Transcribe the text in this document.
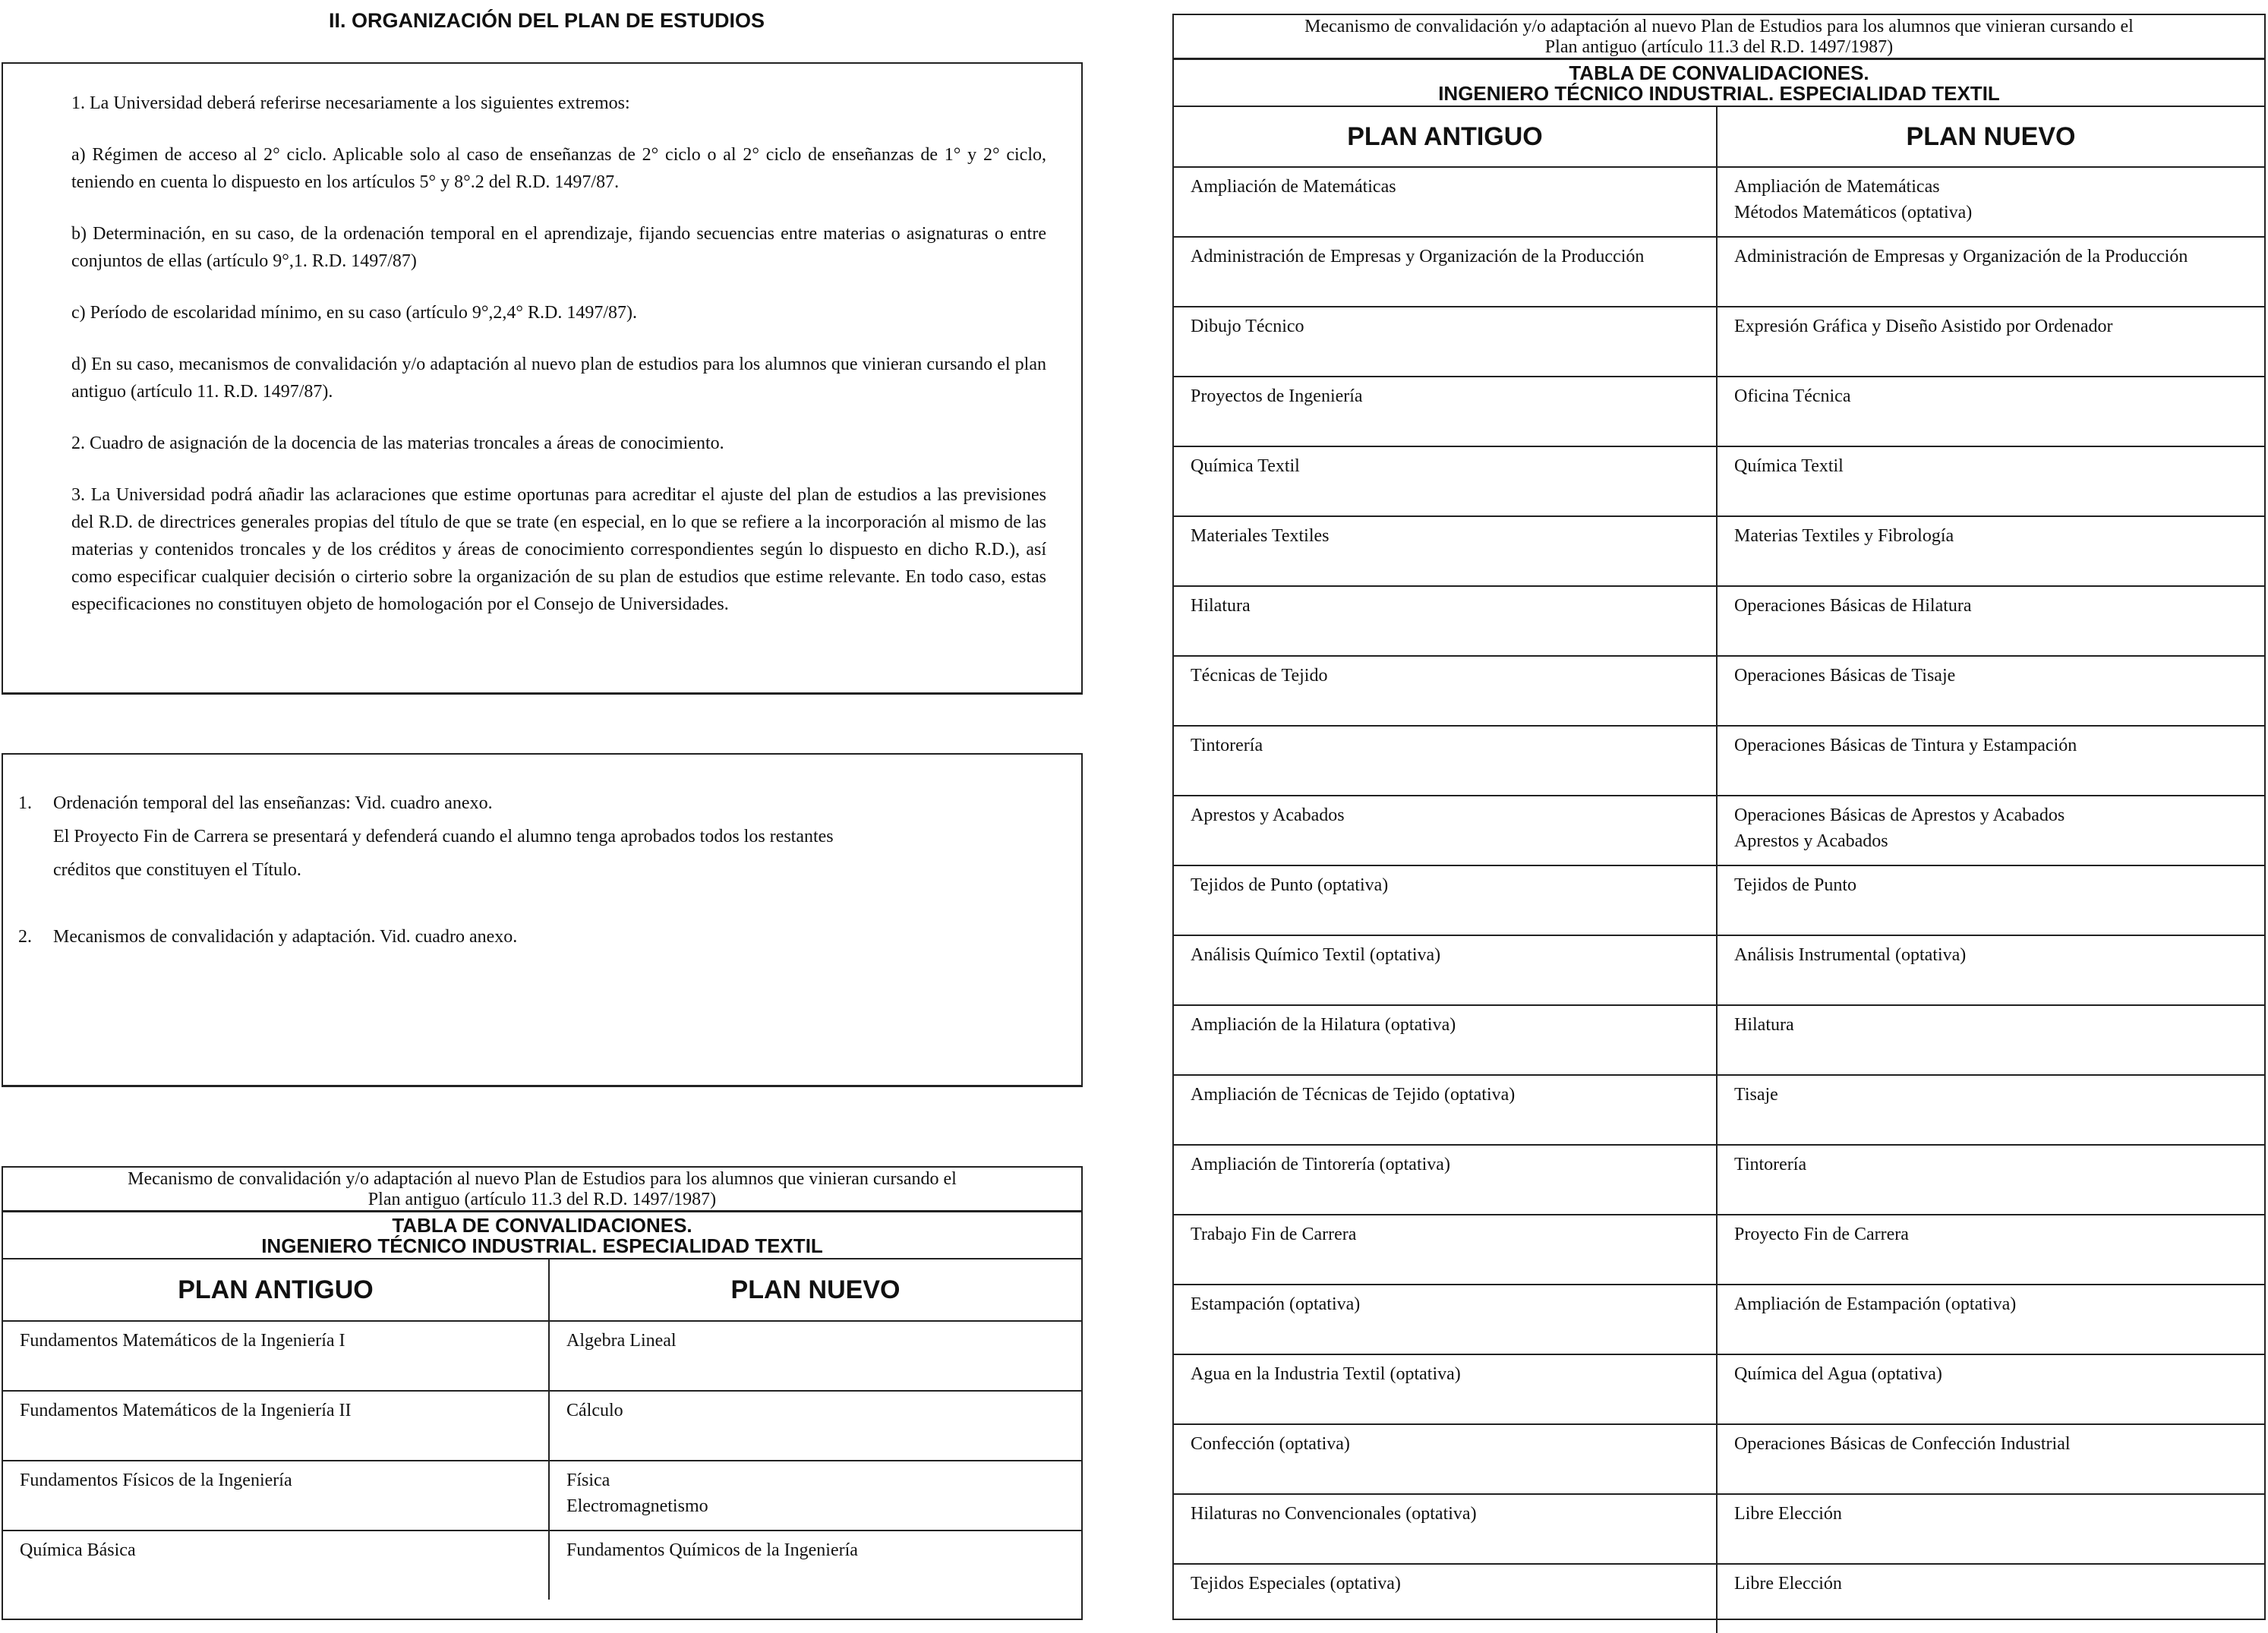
II. ORGANIZACIÓN DEL PLAN DE ESTUDIOS

1. La Universidad deberá referirse necesariamente a los siguientes extremos:

a) Régimen de acceso al 2° ciclo. Aplicable solo al caso de enseñanzas de 2° ciclo o al 2° ciclo de enseñanzas de 1° y 2° ciclo, teniendo en cuenta lo dispuesto en los artículos 5° y 8°.2 del R.D. 1497/87.

b) Determinación, en su caso, de la ordenación temporal en el aprendizaje, fijando secuencias entre materias o asignaturas o entre conjuntos de ellas (artículo 9°,1. R.D. 1497/87)

c) Período de escolaridad mínimo, en su caso (artículo 9°,2,4° R.D. 1497/87).

d) En su caso, mecanismos de convalidación y/o adaptación al nuevo plan de estudios para los alumnos que vinieran cursando el plan antiguo (artículo 11. R.D. 1497/87).

2. Cuadro de asignación de la docencia de las materias troncales a áreas de conocimiento.

3. La Universidad podrá añadir las aclaraciones que estime oportunas para acreditar el ajuste del plan de estudios a las previsiones del R.D. de directrices generales propias del título de que se trate (en especial, en lo que se refiere a la incorporación al mismo de las materias y contenidos troncales y de los créditos y áreas de conocimiento correspondientes según lo dispuesto en dicho R.D.), así como especificar cualquier decisión o cirterio sobre la organización de su plan de estudios que estime relevante. En todo caso, estas especificaciones no constituyen objeto de homologación por el Consejo de Universidades.

1.	Ordenación temporal del las enseñanzas: Vid. cuadro anexo.
El Proyecto Fin de Carrera se presentará y defenderá cuando el alumno tenga aprobados todos los restantes
créditos que constituyen el Título.
2.	Mecanismos de convalidación y adaptación. Vid. cuadro anexo.
Mecanismo de convalidación y/o adaptación al nuevo Plan de Estudios para los alumnos que vinieran cursando el
Plan antiguo (artículo 11.3 del R.D. 1497/1987)
TABLA DE CONVALIDACIONES.
INGENIERO TÉCNICO INDUSTRIAL. ESPECIALIDAD TEXTIL
PLAN ANTIGUO	PLAN NUEVO
Fundamentos Matemáticos de la Ingeniería I	Algebra Lineal
Fundamentos Matemáticos de la Ingeniería II	Cálculo
Fundamentos Físicos de la Ingeniería	Física
Electromagnetismo
Química Básica	Fundamentos Químicos de la Ingeniería
Mecanismo de convalidación y/o adaptación al nuevo Plan de Estudios para los alumnos que vinieran cursando el
Plan antiguo (artículo 11.3 del R.D. 1497/1987)
TABLA DE CONVALIDACIONES.
INGENIERO TÉCNICO INDUSTRIAL. ESPECIALIDAD TEXTIL
PLAN ANTIGUO	PLAN NUEVO
Ampliación de Matemáticas	Ampliación de Matemáticas
Métodos Matemáticos (optativa)
Administración de Empresas y Organización de la Producción	Administración de Empresas y Organización de la Producción
Dibujo Técnico	Expresión Gráfica y Diseño Asistido por Ordenador
Proyectos de Ingeniería	Oficina Técnica
Química Textil	Química Textil
Materiales Textiles	Materias Textiles y Fibrología
Hilatura	Operaciones Básicas de Hilatura
Técnicas de Tejido	Operaciones Básicas de Tisaje
Tintorería	Operaciones Básicas de Tintura y Estampación
Aprestos y Acabados	Operaciones Básicas de Aprestos y Acabados
Aprestos y Acabados
Tejidos de Punto (optativa)	Tejidos de Punto
Análisis Químico Textil (optativa)	Análisis Instrumental (optativa)
Ampliación de la Hilatura (optativa)	Hilatura
Ampliación de Técnicas de Tejido (optativa)	Tisaje
Ampliación de Tintorería (optativa)	Tintorería
Trabajo Fin de Carrera	Proyecto Fin de Carrera
Estampación (optativa)	Ampliación de Estampación (optativa)
Agua en la Industria Textil (optativa)	Química del Agua (optativa)
Confección (optativa)	Operaciones Básicas de Confección Industrial
Hilaturas no Convencionales (optativa)	Libre Elección
Tejidos Especiales (optativa)	Libre Elección
